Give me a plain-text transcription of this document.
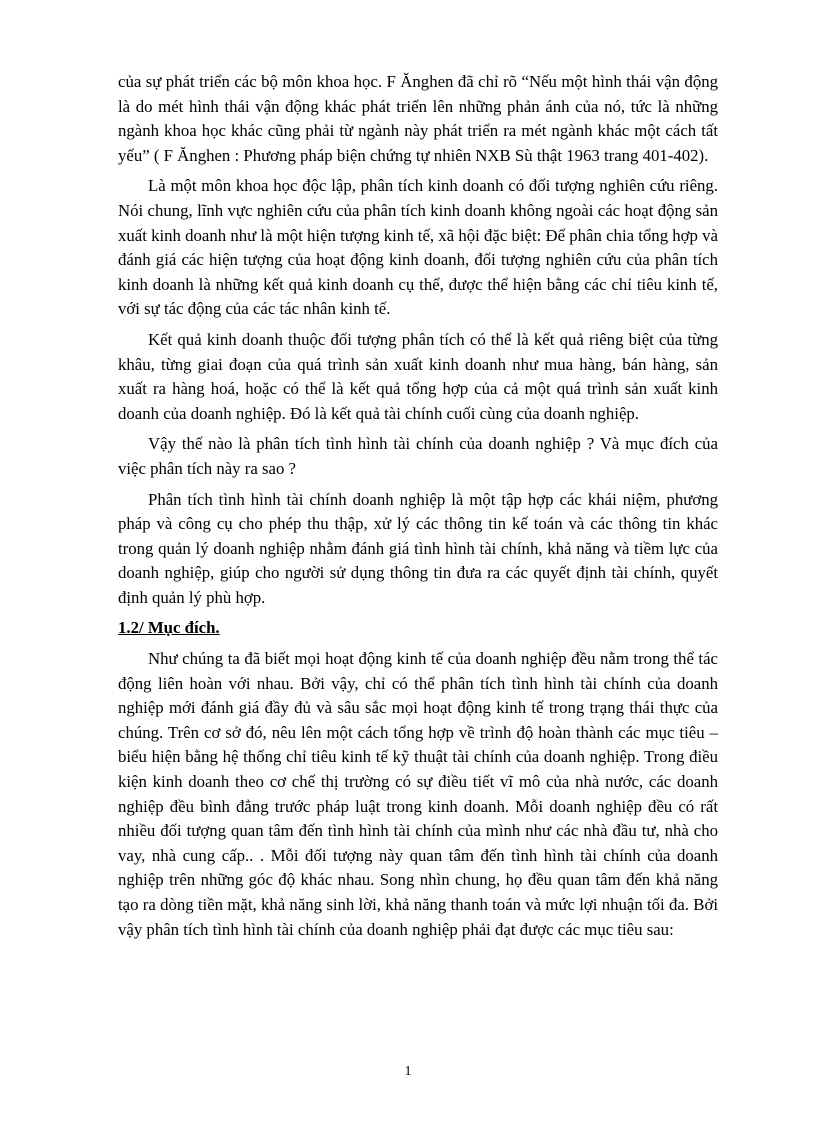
của sự phát triển các bộ môn khoa học. F Ănghen đã chỉ rõ “Nếu một hình thái vận động là do mét hình thái vận động khác phát triển lên những phản ánh của nó, tức là những ngành khoa học khác cũng phải từ ngành này phát triển ra mét ngành khác một cách tất yếu” ( F Ănghen : Phương pháp biện chứng tự nhiên NXB Sù thật 1963 trang 401-402).

Là một môn khoa học độc lập, phân tích kinh doanh có đối tượng nghiên cứu riêng. Nói chung, lĩnh vực nghiên cứu của phân tích kinh doanh không ngoài các hoạt động sản xuất kinh doanh như là một hiện tượng kinh tế, xã hội đặc biệt: Để phân chia tổng hợp và đánh giá các hiện tượng của hoạt động kinh doanh, đối tượng nghiên cứu của phân tích kinh doanh là những kết quả kinh doanh cụ thể, được thể hiện bằng các chỉ tiêu kinh tế, với sự tác động của các tác nhân kinh tế.

Kết quả kinh doanh thuộc đối tượng phân tích có thể là kết quả riêng biệt của từng khâu, từng giai đoạn của quá trình sản xuất kinh doanh như mua hàng, bán hàng, sản xuất ra hàng hoá, hoặc có thể là kết quả tổng hợp của cả một quá trình sản xuất kinh doanh của doanh nghiệp. Đó là kết quả tài chính cuối cùng của doanh nghiệp.

Vậy thế nào là phân tích tình hình tài chính của doanh nghiệp ? Và mục đích của việc phân tích này ra sao ?

Phân tích tình hình tài chính doanh nghiệp là một tập hợp các khái niệm, phương pháp và công cụ cho phép thu thập, xử lý các thông tin kế toán và các thông tin khác trong quản lý doanh nghiệp nhằm đánh giá tình hình tài chính, khả năng và tiềm lực của doanh nghiệp, giúp cho người sử dụng thông tin đưa ra các quyết định tài chính, quyết định quản lý phù hợp.

1.2/ Mục đích.

Như chúng ta đã biết mọi hoạt động kinh tế của doanh nghiệp đều nằm trong thể tác động liên hoàn với nhau. Bởi vậy, chỉ có thể phân tích tình hình tài chính của doanh nghiệp mới đánh giá đầy đủ và sâu sắc mọi hoạt động kinh tế trong trạng thái thực của chúng. Trên cơ sở đó, nêu lên một cách tổng hợp về trình độ hoàn thành các mục tiêu – biểu hiện bằng hệ thống chỉ tiêu kinh tế kỹ thuật tài chính của doanh nghiệp. Trong điều kiện kinh doanh theo cơ chế thị trường có sự điều tiết vĩ mô của nhà nước, các doanh nghiệp đều bình đẳng trước pháp luật trong kinh doanh. Mỗi doanh nghiệp đều có rất nhiều đối tượng quan tâm đến tình hình tài chính của mình như các nhà đầu tư, nhà cho vay, nhà cung cấp.. . Mỗi đối tượng này quan tâm đến tình hình tài chính của doanh nghiệp trên những góc độ khác nhau. Song nhìn chung, họ đều quan tâm đến khả năng tạo ra dòng tiền mặt, khả năng sinh lời, khả năng thanh toán và mức lợi nhuận tối đa. Bởi vậy phân tích tình hình tài chính của doanh nghiệp phải đạt được các mục tiêu sau:

1
